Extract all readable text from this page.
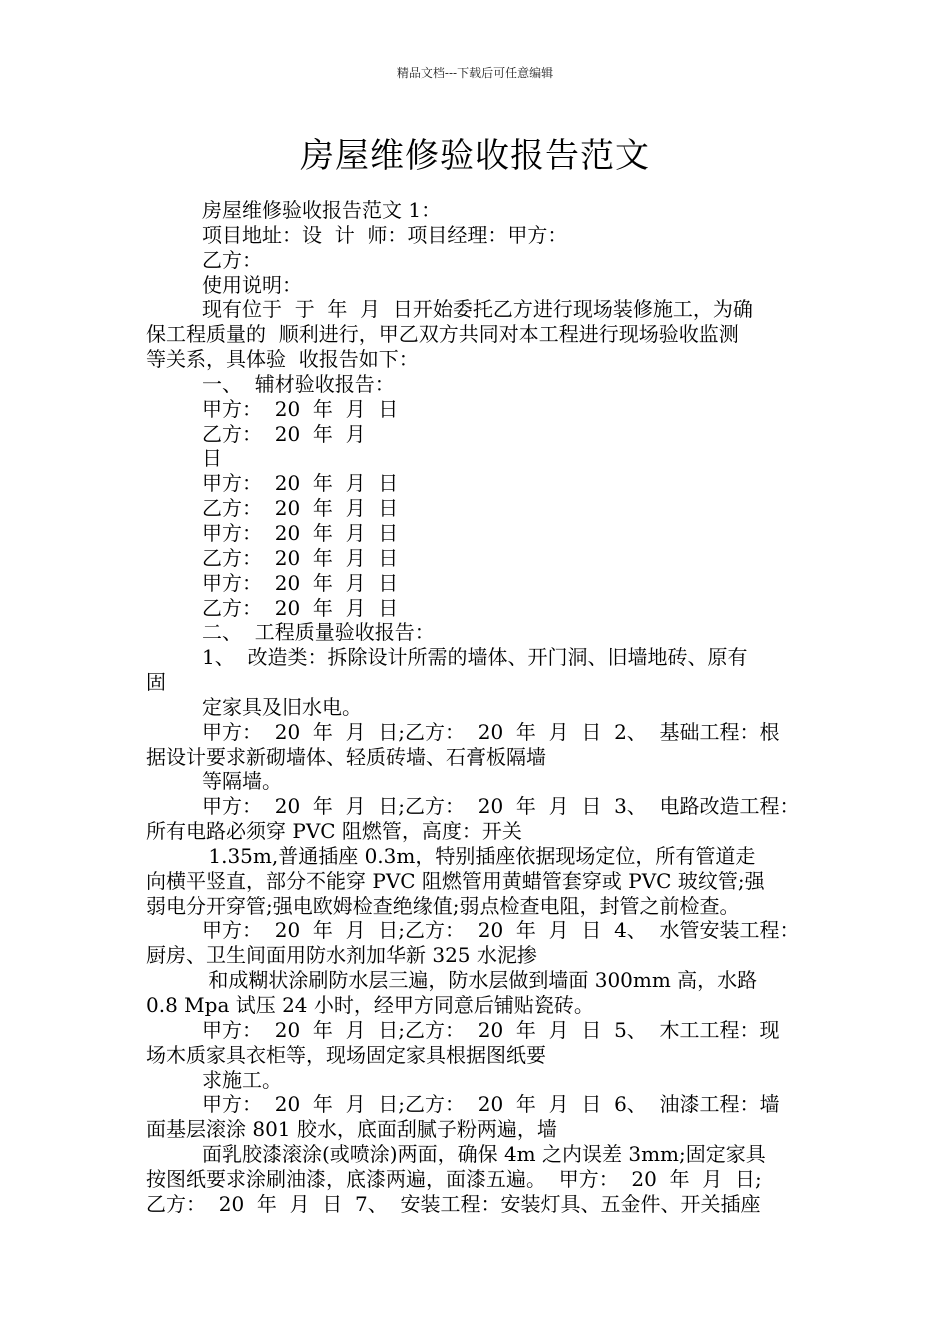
精品文档---下载后可任意编辑
房屋维修验收报告范文
房屋维修验收报告范文 1：
项目地址：设  计  师：项目经理：甲方：
乙方：
使用说明：
现有位于  于  年  月  日开始委托乙方进行现场装修施工，为确
保工程质量的  顺利进行，甲乙双方共同对本工程进行现场验收监测
等关系，具体验  收报告如下：
一、  辅材验收报告：
甲方：  20  年  月  日
乙方：  20  年  月
日
甲方：  20  年  月  日
乙方：  20  年  月  日
甲方：  20  年  月  日
乙方：  20  年  月  日
甲方：  20  年  月  日
乙方：  20  年  月  日
二、  工程质量验收报告：
1、  改造类：拆除设计所需的墙体、开门洞、旧墙地砖、原有
固
定家具及旧水电。
甲方：  20  年  月  日;乙方：  20  年  月  日  2、  基础工程：根
据设计要求新砌墙体、轻质砖墙、石膏板隔墙
等隔墙。
甲方：  20  年  月  日;乙方：  20  年  月  日  3、  电路改造工程：
所有电路必须穿 PVC 阻燃管，高度：开关
1.35m,普通插座 0.3m，特别插座依据现场定位，所有管道走
向横平竖直，部分不能穿 PVC 阻燃管用黄蜡管套穿或 PVC 玻纹管;强
弱电分开穿管;强电欧姆检查绝缘值;弱点检查电阻，封管之前检查。
甲方：  20  年  月  日;乙方：  20  年  月  日  4、  水管安装工程：
厨房、卫生间面用防水剂加华新 325 水泥掺
和成糊状涂刷防水层三遍，防水层做到墙面 300mm 高，水路
0.8 Mpa 试压 24 小时，经甲方同意后铺贴瓷砖。
甲方：  20  年  月  日;乙方：  20  年  月  日  5、  木工工程：现
场木质家具衣柜等，现场固定家具根据图纸要
求施工。
甲方：  20  年  月  日;乙方：  20  年  月  日  6、  油漆工程：墙
面基层滚涂 801 胶水，底面刮腻子粉两遍，墙
面乳胶漆滚涂(或喷涂)两面，确保 4m 之内误差 3mm;固定家具
按图纸要求涂刷油漆，底漆两遍，面漆五遍。  甲方：  20  年  月  日;
乙方：  20  年  月  日  7、  安装工程：安装灯具、五金件、开关插座
